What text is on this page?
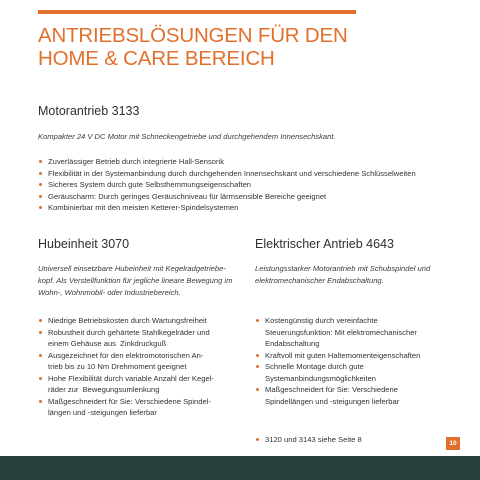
ANTRIEBSLÖSUNGEN FÜR DEN
HOME & CARE BEREICH
Motorantrieb 3133
Kompakter 24 V DC Motor mit Schneckengetriebe und durchgehendem Innensechskant.
Zuverlässiger Betrieb durch integrierte Hall-Sensorik
Flexibilität in der Systemanbindung durch durchgehenden Innensechskant und verschiedene Schlüsselweiten
Sicheres System durch gute Selbsthemmungseigenschaften
Geräuscharm: Durch geringes Geräuschniveau für lärmsensible Bereiche geeignet
Kombinierbar mit den meisten Ketterer-Spindelsystemen
Hubeinheit 3070
Universell einsetzbare Hubeinheit mit Kegelradgetriebe-
kopf. Als Verstellfunktion für jegliche lineare Bewegung im
Wohn-, Wohnmobil- oder Industriebereich.
Niedrige Betriebskosten durch Wartungsfreiheit
Robustheit durch gehärtete Stahlkegelräder und
einem Gehäuse aus  Zinkdruckguß
Ausgezeichnet für den elektromotorischen An-
trieb bis zu 10 Nm Drehmoment geeignet
Hohe Flexibilität durch variable Anzahl der Kegel-
räder zur  Bewegungsumlenkung
Maßgeschneidert für Sie: Verschiedene Spindel-
längen und -steigungen lieferbar
Elektrischer Antrieb 4643
Leistungsstarker Motorantrieb mit Schubspindel und
elektromechanischer Endabschaltung.
Kostengünstig durch vereinfachte
Steuerungsfunktion: Mit elektromechanischer
Endabschaltung
Kraftvoll mit guten Haltemomenteigenschaften
Schnelle Montage durch gute
Systemanbindungsmöglichkeiten
Maßgeschneidert für Sie: Verschiedene
Spindellängen und -steigungen lieferbar
3120 und 3143 siehe Seite 8	10
